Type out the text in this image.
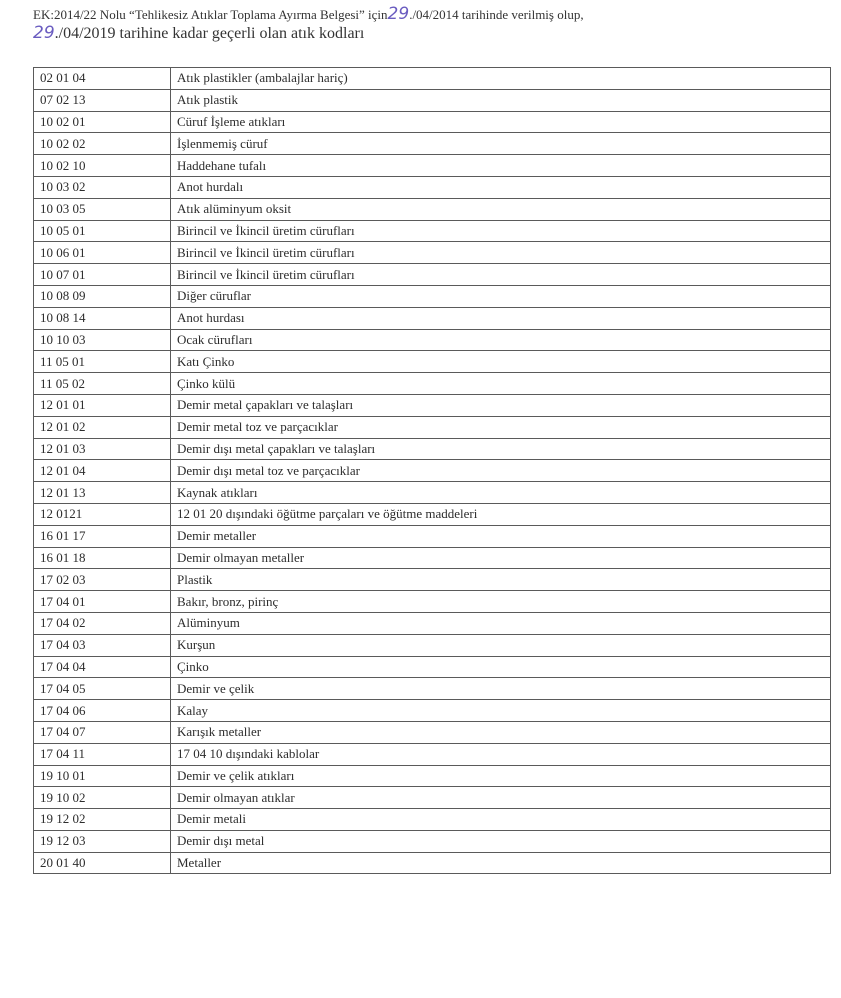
EK:2014/22 Nolu “Tehlikesiz Atıklar Toplama Ayırma Belgesi” için29./04/2014 tarihinde verilmiş olup,
29./04/2019 tarihine kadar geçerli olan atık kodları
02 01 04	Atık plastikler (ambalajlar hariç)
07 02 13	Atık plastik
10 02 01	Cüruf İşleme atıkları
10 02 02	İşlenmemiş cüruf
10 02 10	Haddehane tufalı
10 03 02	Anot hurdalı
10 03 05	Atık alüminyum oksit
10 05 01	Birincil ve İkincil üretim cürufları
10 06 01	Birincil ve İkincil üretim cürufları
10 07 01	Birincil ve İkincil üretim cürufları
10 08 09	Diğer cüruflar
10 08 14	Anot hurdası
10 10 03	Ocak cürufları
11 05 01	Katı Çinko
11 05 02	Çinko külü
12 01 01	Demir metal çapakları ve talaşları
12 01 02	Demir metal toz ve parçacıklar
12 01 03	Demir dışı metal çapakları ve talaşları
12 01 04	Demir dışı metal toz ve parçacıklar
12 01 13	Kaynak atıkları
12 0121	12 01 20 dışındaki öğütme parçaları ve öğütme maddeleri
16 01 17	Demir metaller
16 01 18	Demir olmayan metaller
17 02 03	Plastik
17 04 01	Bakır, bronz, pirinç
17 04 02	Alüminyum
17 04 03	Kurşun
17 04 04	Çinko
17 04 05	Demir ve çelik
17 04 06	Kalay
17 04 07	Karışık metaller
17 04 11	17 04 10 dışındaki kablolar
19 10 01	Demir ve çelik atıkları
19 10 02	Demir olmayan atıklar
19 12 02	Demir metali
19 12 03	Demir dışı metal
20 01 40	Metaller
